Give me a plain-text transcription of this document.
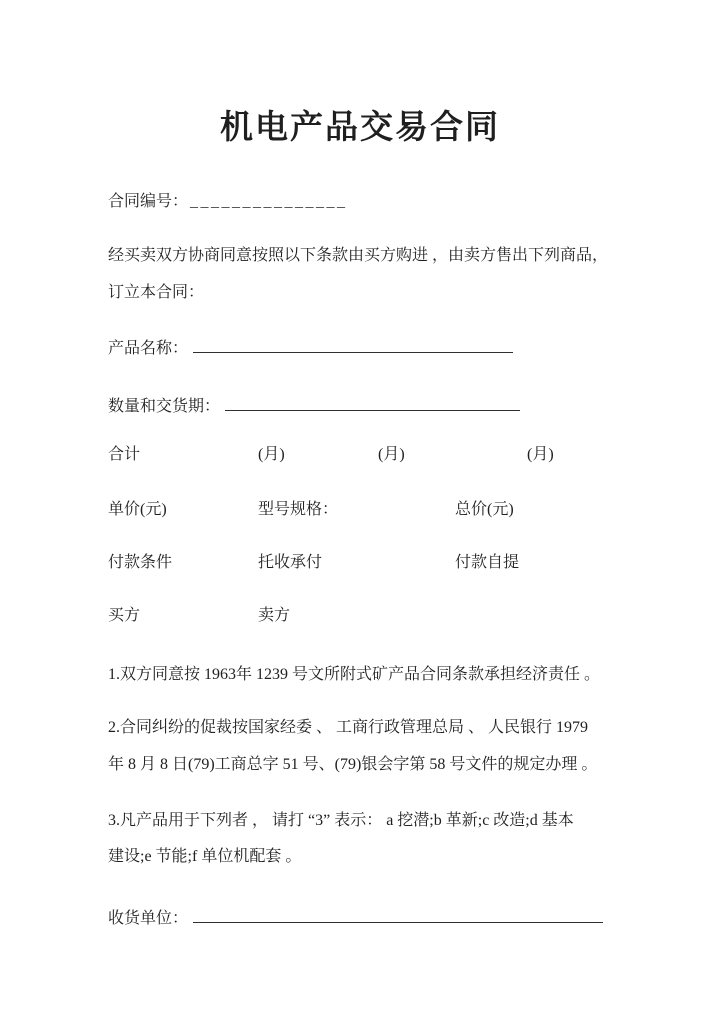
机电产品交易合同
合同编号： _______________
经买卖双方协商同意按照以下条款由买方购进 ，由卖方售出下列商品，
订立本合同：
产品名称：
数量和交货期：
合计	(月)	(月)	(月)
单价(元)	型号规格：	总价(元)
付款条件	托收承付	付款自提
买方	卖方
1.双方同意按 1963年 1239 号文所附式矿产品合同条款承担经济责任 。
2.合同纠纷的促裁按国家经委 、 工商行政管理总局 、 人民银行 1979
年 8 月 8 日(79)工商总字 51 号、(79)银会字第 58 号文件的规定办理 。
3.凡产品用于下列者 ， 请打 “3” 表示： a 挖潜;b 革新;c 改造;d 基本
建设;e 节能;f 单位机配套 。
收货单位：
